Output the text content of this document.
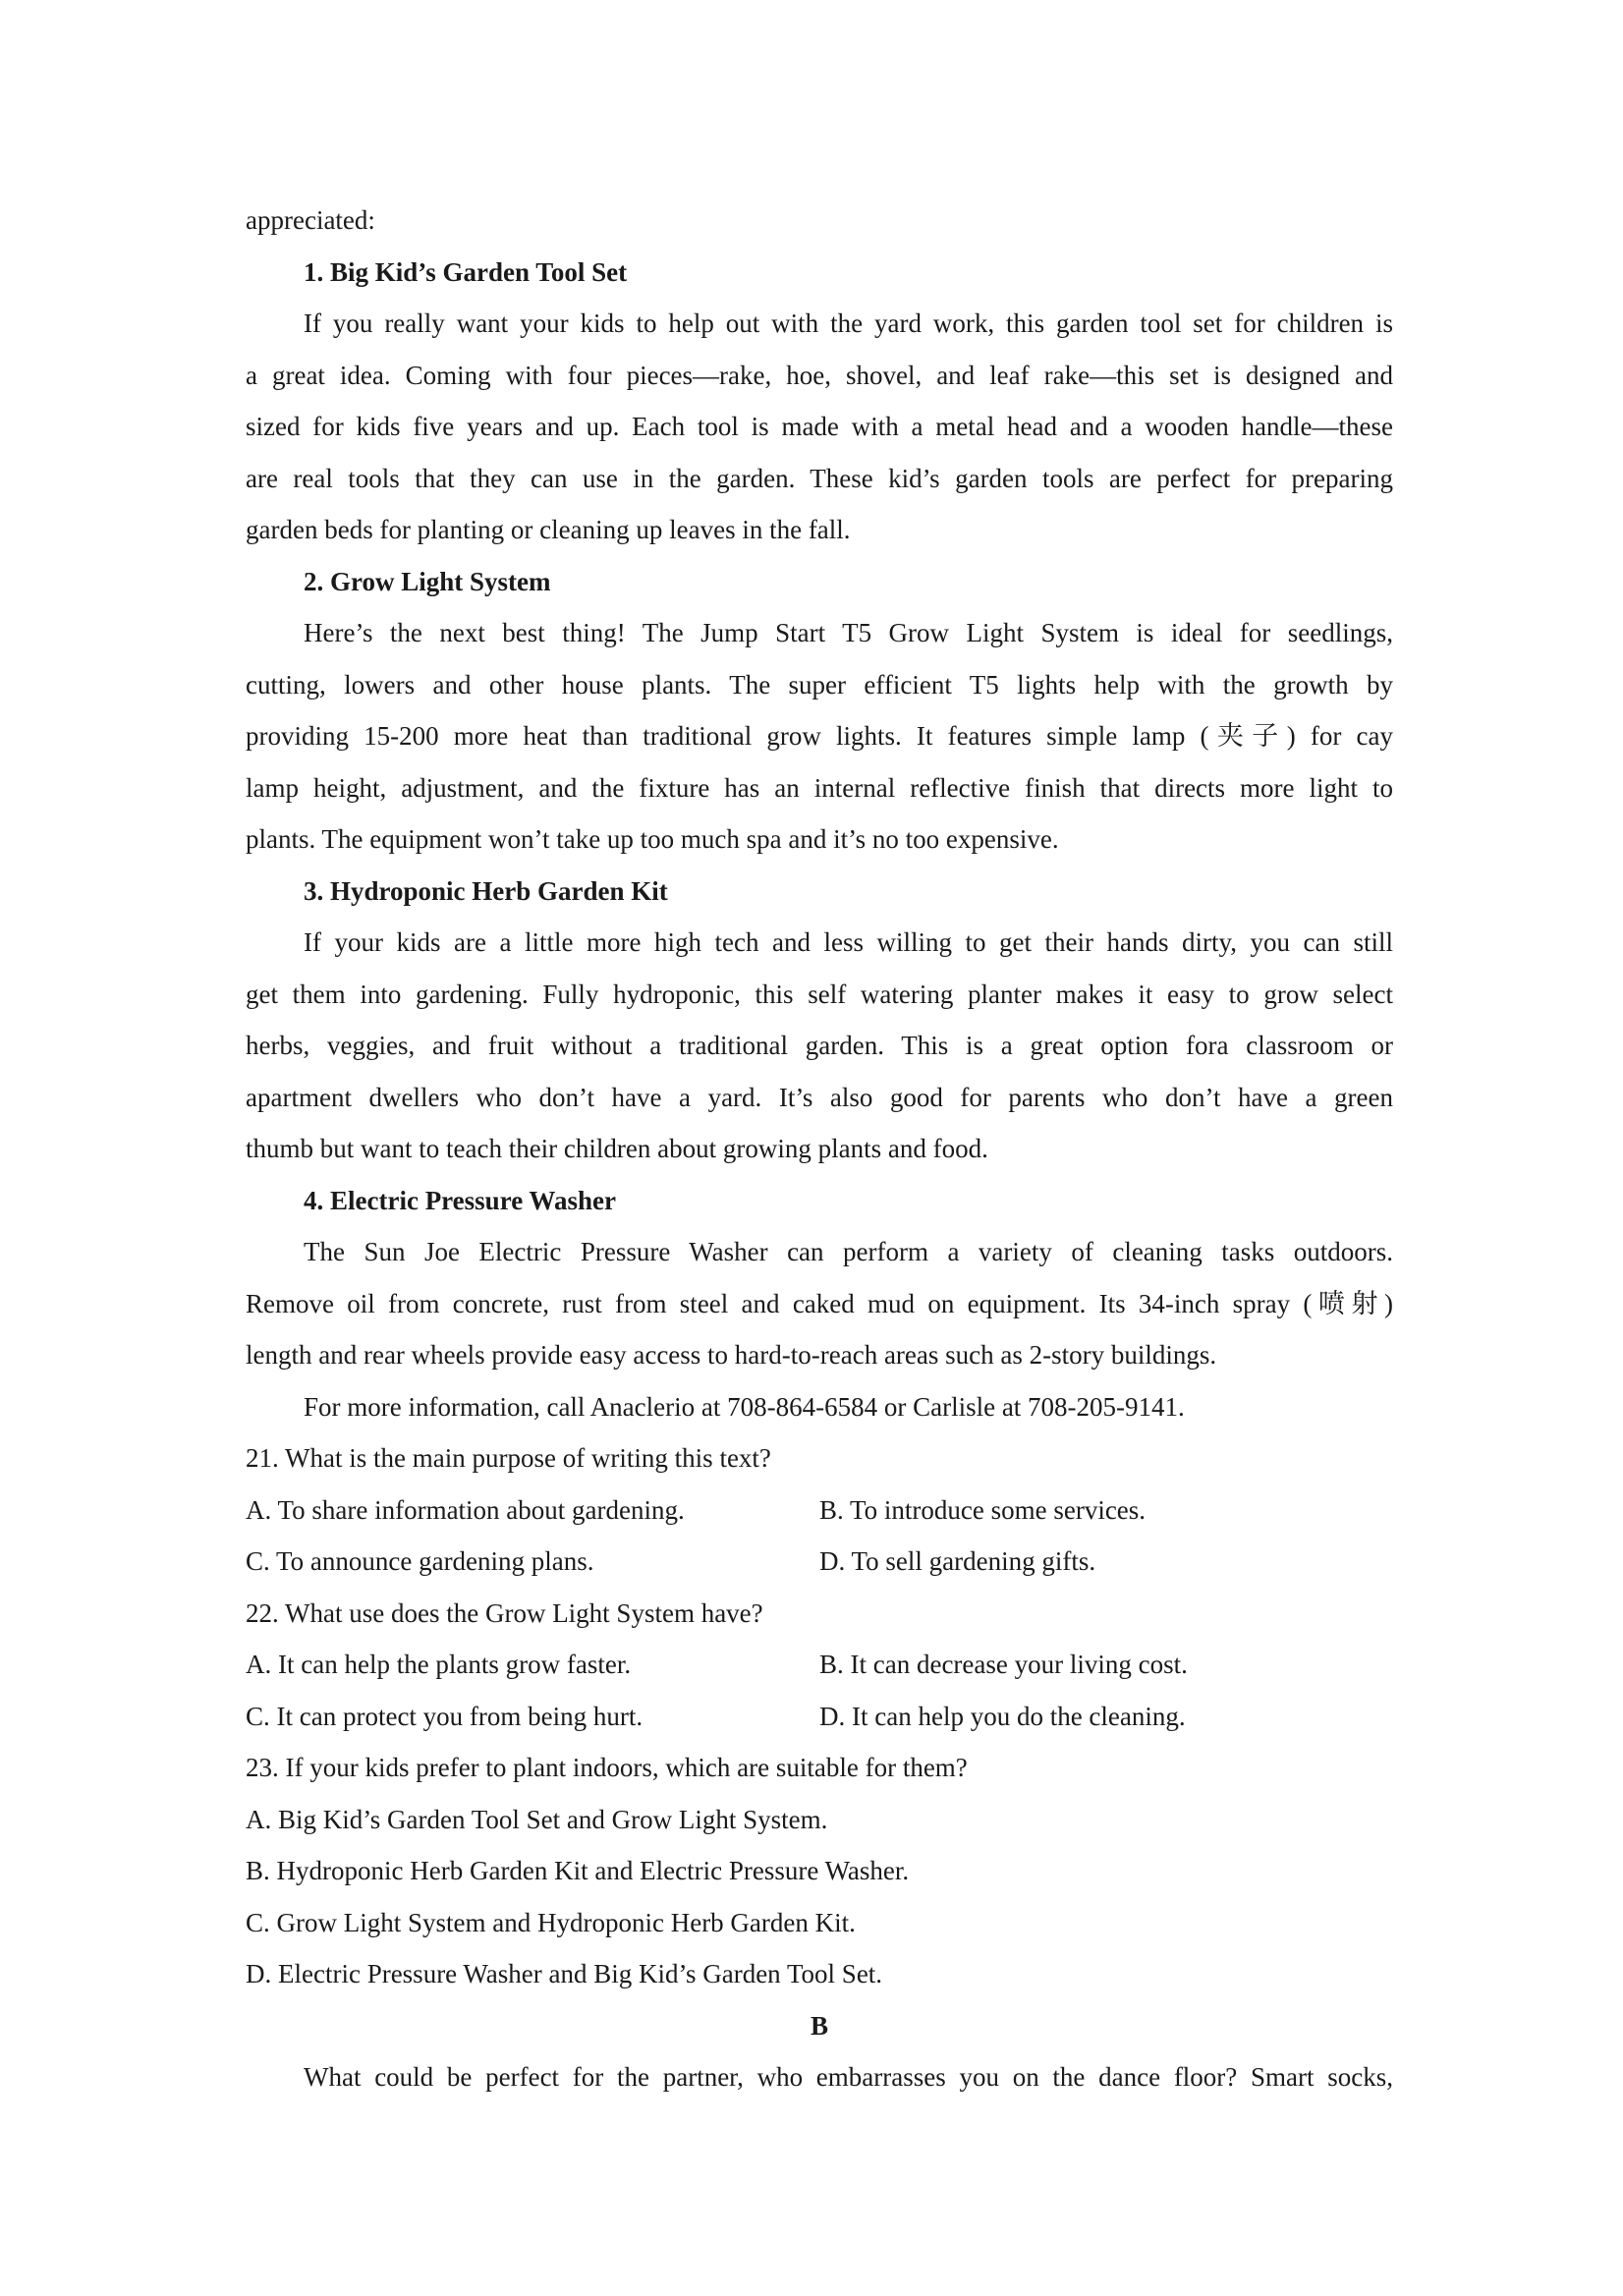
appreciated:
1. Big Kid’s Garden Tool Set
If you really want your kids to help out with the yard work, this garden tool set for children is
a great idea. Coming with four pieces—rake, hoe, shovel, and leaf rake—this set is designed and
sized for kids five years and up. Each tool is made with a metal head and a wooden handle—these
are real tools that they can use in the garden. These kid’s garden tools are perfect for preparing
garden beds for planting or cleaning up leaves in the fall.
2. Grow Light System
Here’s the next best thing! The Jump Start T5 Grow Light System is ideal for seedlings,
cutting, lowers and other house plants. The super efficient T5 lights help with the growth by
providing 15-200 more heat than traditional grow lights. It features simple lamp (夹子) for cay
lamp height, adjustment, and the fixture has an internal reflective finish that directs more light to
plants. The equipment won’t take up too much spa and it’s no too expensive.
3. Hydroponic Herb Garden Kit
If your kids are a little more high tech and less willing to get their hands dirty, you can still
get them into gardening. Fully hydroponic, this self watering planter makes it easy to grow select
herbs, veggies, and fruit without a traditional garden. This is a great option fora classroom or
apartment dwellers who don’t have a yard. It’s also good for parents who don’t have a green
thumb but want to teach their children about growing plants and food.
4. Electric Pressure Washer
The Sun Joe Electric Pressure Washer can perform a variety of cleaning tasks outdoors.
Remove oil from concrete, rust from steel and caked mud on equipment. Its 34-inch spray (喷射)
length and rear wheels provide easy access to hard-to-reach areas such as 2-story buildings.
For more information, call Anaclerio at 708-864-6584 or Carlisle at 708-205-9141.
21. What is the main purpose of writing this text?
A. To share information about gardening.	B. To introduce some services.
C. To announce gardening plans.	D. To sell gardening gifts.
22. What use does the Grow Light System have?
A. It can help the plants grow faster.	B. It can decrease your living cost.
C. It can protect you from being hurt.	D. It can help you do the cleaning.
23. If your kids prefer to plant indoors, which are suitable for them?
A. Big Kid’s Garden Tool Set and Grow Light System.
B. Hydroponic Herb Garden Kit and Electric Pressure Washer.
C. Grow Light System and Hydroponic Herb Garden Kit.
D. Electric Pressure Washer and Big Kid’s Garden Tool Set.
B
What could be perfect for the partner, who embarrasses you on the dance floor? Smart socks,
